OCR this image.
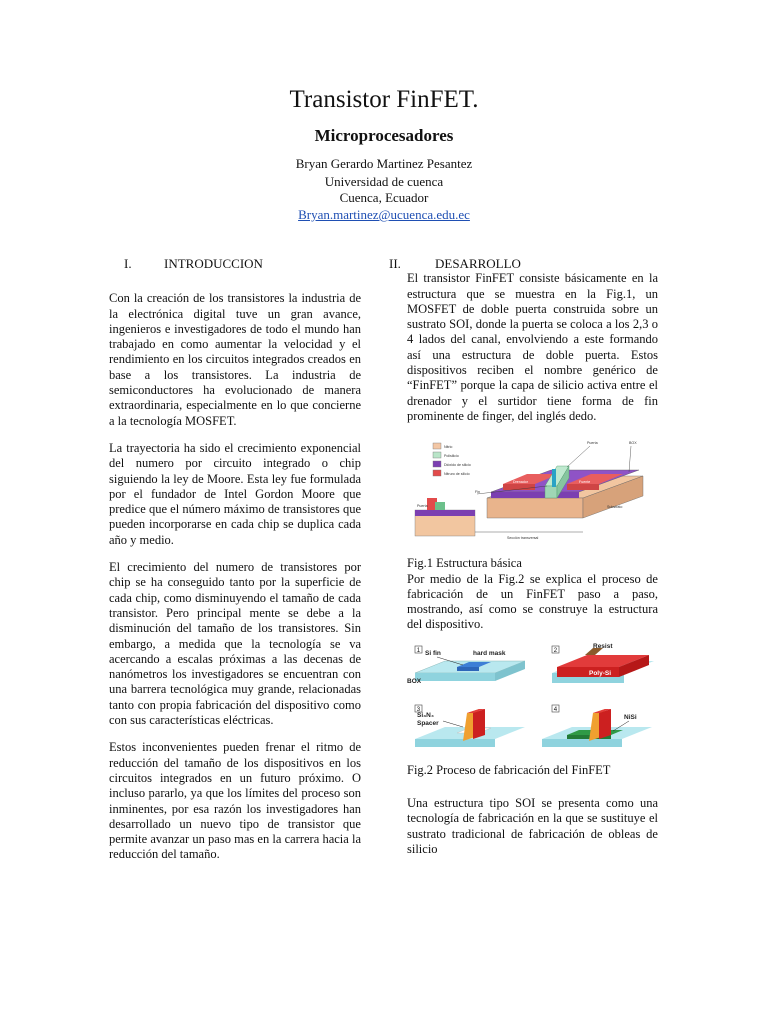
Transistor FinFET.
Microprocesadores
Bryan Gerardo Martinez Pesantez
Universidad de cuenca
Cuenca, Ecuador
Bryan.martinez@ucuenca.edu.ec
I. INTRODUCCION

Con la creación de los transistores la industria de la electrónica digital tuve un gran avance, ingenieros e investigadores de todo el mundo han trabajado en como aumentar la velocidad y el rendimiento en los circuitos integrados creados en base a los transistores. La industria de semiconductores ha evolucionado de manera extraordinaria, especialmente en lo que concierne a la tecnología MOSFET.

La trayectoria ha sido el crecimiento exponencial del numero por circuito integrado o chip siguiendo la ley de Moore. Esta ley fue formulada por el fundador de Intel Gordon Moore que predice que el número máximo de transistores que pueden incorporarse en cada chip se duplica cada año y medio.

El crecimiento del numero de transistores por chip se ha conseguido tanto por la superficie de cada chip, como disminuyendo el tamaño de cada transistor. Pero principal mente se debe a la disminución del tamaño de los transistores. Sin embargo, a medida que la tecnología se va acercando a escalas próximas a las decenas de nanómetros los investigadores se encuentran con una barrera tecnológica muy grande, relacionadas tanto con propia fabricación del dispositivo como con sus características eléctricas.

Estos inconvenientes pueden frenar el ritmo de reducción del tamaño de los dispositivos en los circuitos integrados en un futuro próximo. O incluso pararlo, ya que los límites del proceso son inminentes, por esa razón los investigadores han desarrollado un nuevo tipo de transistor que permite avanzar un paso mas en la carrera hacia la reducción del tamaño.

II.	DESARROLLO

El transistor FinFET consiste básicamente en la estructura que se muestra en la Fig.1, un MOSFET de doble puerta construida sobre un sustrato SOI, donde la puerta se coloca a los 2,3 o 4 lados del canal, envolviendo a este formando así una estructura de doble puerta. Estos dispositivos reciben el nombre genérico de “FinFET” porque la capa de silicio activa entre el drenador y el surtidor tiene forma de fin prominente de finger, del inglés dedo.

Nitrio
Polisilicio
Dióxido de silicio
Nitruro de silicio
Drenador	Fuente
Puerta	BOX
Substrato
Puerta
Fin
Sección transversal

Fig.1 Estructura básica

Por medio de la Fig.2 se explica el proceso de fabricación de un FinFET paso a paso, mostrando, así como se construye la estructura del dispositivo.

1 Si fin	hard mask
BOX
2
Resist
Poly-Si
3
Si₃N₄
Spacer
4
NiSi

Fig.2 Proceso de fabricación del FinFET

Una estructura tipo SOI se presenta como una tecnología de fabricación en la que se sustituye el sustrato tradicional de fabricación de obleas de silicio
